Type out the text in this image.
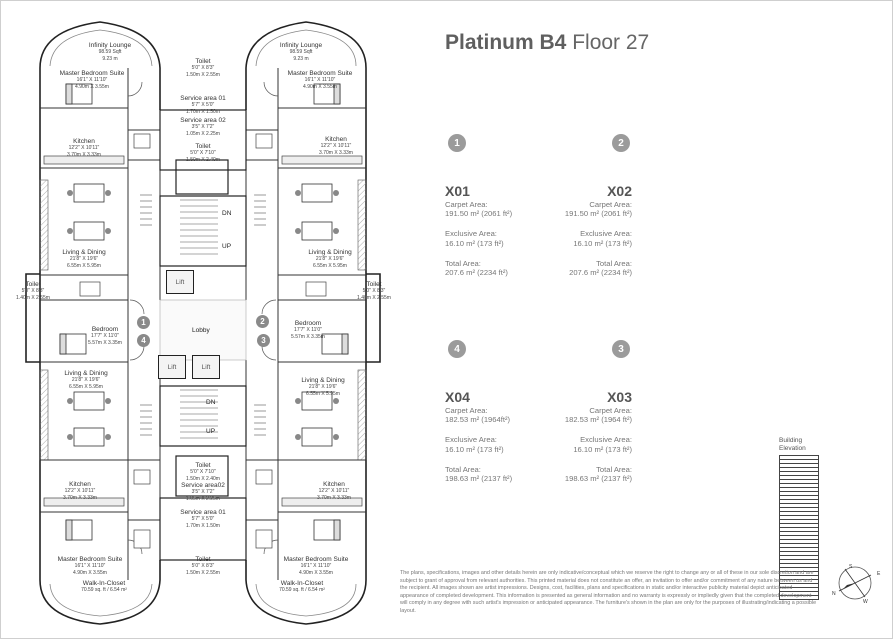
Infinity Lounge
98.59 Sqft
9.23 m
Infinity Lounge
98.59 Sqft
9.23 m
Master Bedroom Suite
16'1" X 11'10"
4.90m X 3.55m
Master Bedroom Suite
16'1" X 11'10"
4.90m X 3.55m
Toilet
5'0" X 8'3"
1.50m X 2.55m
Service area 01
5'7" X 5'0"
1.70m X 1.50m
Service area 02
3'5" X 7'2"
1.05m X 2.25m
Toilet
5'0" X 7'10"
1.50m X 2.40m
Kitchen
12'2" X 10'11"
3.70m X 3.33m
Kitchen
12'2" X 10'11"
3.70m X 3.33m
Living & Dining
21'8" X 19'6"
6.55m X 5.95m
Living & Dining
21'8" X 19'6"
6.55m X 5.95m
Toilet
5'0" X 8'3"
1.40m X 2.55m
Toilet
5'0" X 8'3"
1.40m X 2.55m
Bedroom
17'7" X 11'0"
5.57m X 3.35m
Bedroom
17'7" X 11'0"
5.57m X 3.35m
Living & Dining
21'8" X 19'6"
6.55m X 5.95m
Living & Dining
21'8" X 19'6"
6.55m X 5.95m
Kitchen
12'2" X 10'11"
3.70m X 3.33m
Kitchen
12'2" X 10'11"
3.70m X 3.33m
Toilet
5'0" X 7'10"
1.50m X 2.40m
Service area02
3'5" X 7'2"
1.05m X 2.25m
Service area 01
5'7" X 5'0"
1.70m X 1.50m
Master Bedroom Suite
16'1" X 11'10"
4.90m X 3.55m
Master Bedroom Suite
16'1" X 11'10"
4.90m X 3.55m
Toilet
5'0" X 8'3"
1.50m X 2.55m
Walk-In-Closet
70.59 sq. ft / 6.54 m²
Walk-In-Closet
70.59 sq. ft / 6.54 m²
Lift
Lift	Lift
Lobby
DN
UP
DN
UP
1	2
3
4
Platinum B4 Floor 27
1	2
4	3
X01
Carpet Area:
191.50 m² (2061 ft²)
Exclusive Area:
16.10 m² (173 ft²)
Total Area:
207.6 m² (2234 ft²)
X02
Carpet Area:
191.50 m² (2061 ft²)
Exclusive Area:
16.10 m² (173 ft²)
Total Area:
207.6 m² (2234 ft²)
X04
Carpet Area:
182.53 m² (1964ft²)
Exclusive Area:
16.10 m² (173 ft²)
Total Area:
198.63 m² (2137 ft²)
X03
Carpet Area:
182.53 m² (1964 ft²)
Exclusive Area:
16.10 m² (173 ft²)
Total Area:
198.63 m² (2137 ft²)
Building Elevation
The plans, specifications, images and other details herein are only indicative/conceptual which we reserve the right to change any or all of these in our sole discretion and are subject to grant of approval from relevant authorities. This printed material does not constitute an offer, an invitation to offer and/or commitment of any nature between us and the recipient. All images shown are artist impressions. Designs, cost, facilities, plans and specifications in static and/or interactive publicity material depict anticipated appearance of completed development. This information is presented as general information and no warranty is expressly or impliedly given that the completed development will comply in any degree with such artist's impression or anticipated appearance. The furniture's shown in the plan are only for the purposes of illustrating/indicating a possible layout.
S
E
N
W
